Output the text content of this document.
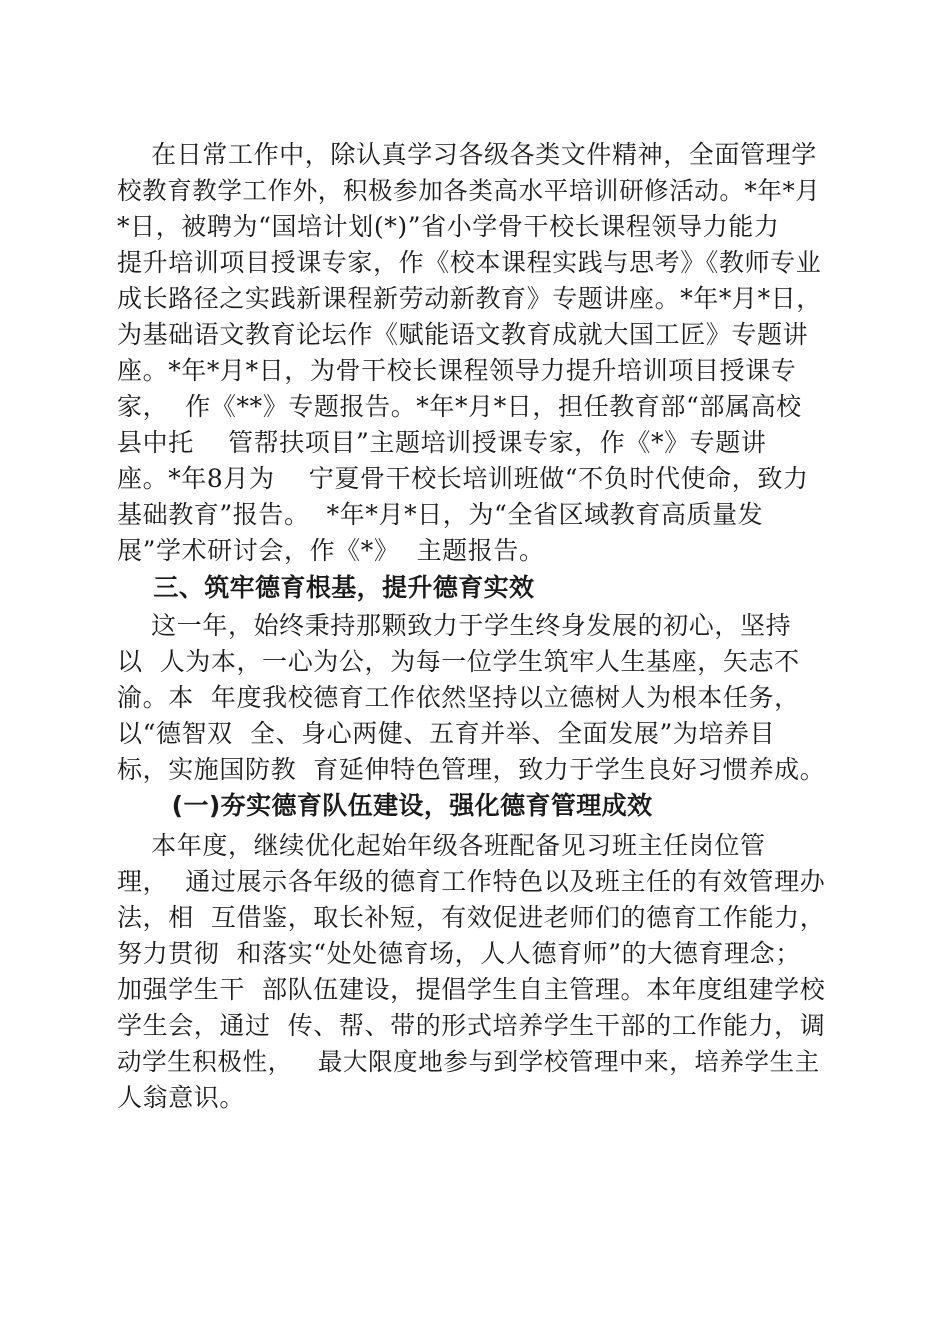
在日常工作中，除认真学习各级各类文件精神，全面管理学
校教育教学工作外，积极参加各类高水平培训研修活动。*年*月
*日，被聘为“国培计划(*)”省小学骨干校长课程领导力能力
提升培训项目授课专家，作《校本课程实践与思考》《教师专业
成长路径之实践新课程新劳动新教育》专题讲座。*年*月*日，
为基础语文教育论坛作《赋能语文教育成就大国工匠》专题讲
座。*年*月*日，为骨干校长课程领导力提升培训项目授课专
家，  作《**》专题报告。*年*月*日，担任教育部“部属高校
县中托    管帮扶项目”主题培训授课专家，作《*》专题讲
座。*年8月为    宁夏骨干校长培训班做“不负时代使命，致力
基础教育”报告。  *年*月*日，为“全省区域教育高质量发
展”学术研讨会，作《*》  主题报告。
三、筑牢德育根基，提升德育实效
这一年，始终秉持那颗致力于学生终身发展的初心，坚持
以  人为本，一心为公，为每一位学生筑牢人生基座，矢志不
渝。本  年度我校德育工作依然坚持以立德树人为根本任务，
以“德智双  全、身心两健、五育并举、全面发展”为培养目
标，实施国防教  育延伸特色管理，致力于学生良好习惯养成。
(一)夯实德育队伍建设，强化德育管理成效
本年度，继续优化起始年级各班配备见习班主任岗位管
理，  通过展示各年级的德育工作特色以及班主任的有效管理办
法，相  互借鉴，取长补短，有效促进老师们的德育工作能力，
努力贯彻  和落实“处处德育场，人人德育师”的大德育理念；
加强学生干  部队伍建设，提倡学生自主管理。本年度组建学校
学生会，通过  传、帮、带的形式培养学生干部的工作能力，调
动学生积极性，   最大限度地参与到学校管理中来，培养学生主
人翁意识。
